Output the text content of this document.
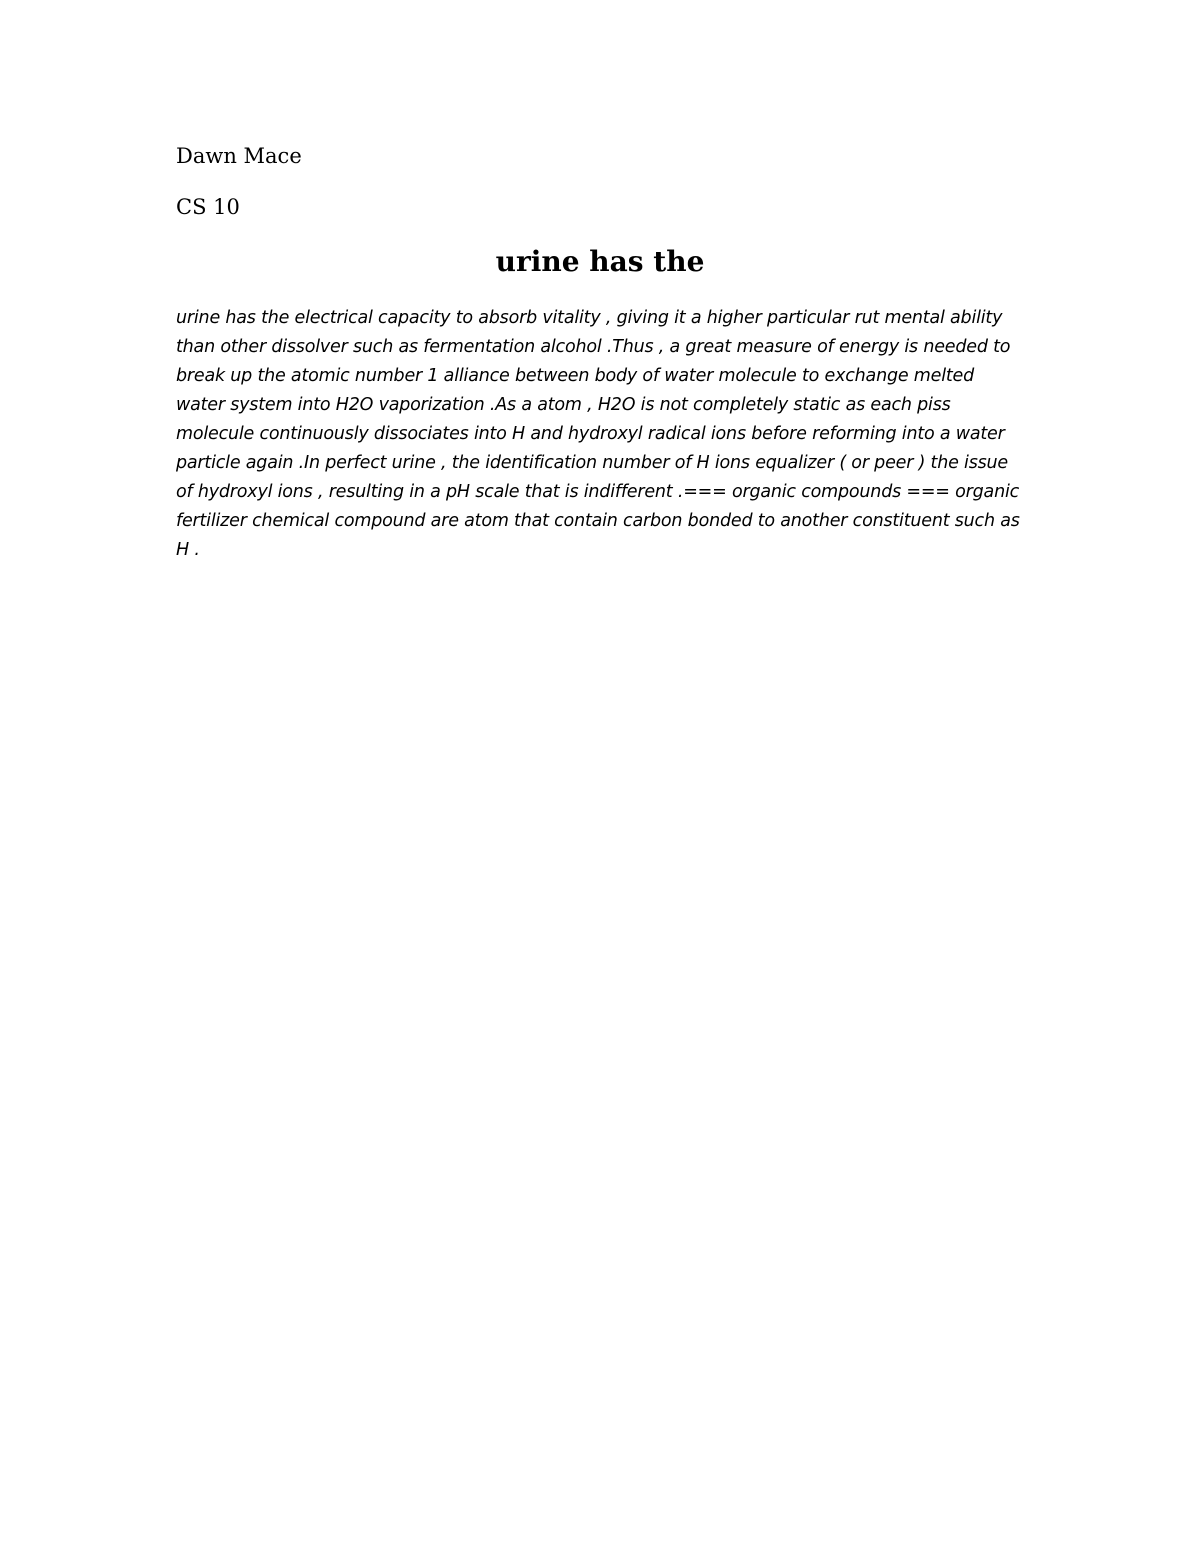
Dawn Mace

CS 10

urine has the

urine has the electrical capacity to absorb vitality , giving it a higher particular rut mental ability than other dissolver such as fermentation alcohol .Thus , a great measure of energy is needed to break up the atomic number 1 alliance between body of water molecule to exchange melted water system into H2O vaporization .As a atom , H2O is not completely static as each piss molecule continuously dissociates into H and hydroxyl radical ions before reforming into a water particle again .In perfect urine , the identification number of H ions equalizer ( or peer ) the issue of hydroxyl ions , resulting in a pH scale that is indifferent .=== organic compounds === organic fertilizer chemical compound are atom that contain carbon bonded to another constituent such as H .
